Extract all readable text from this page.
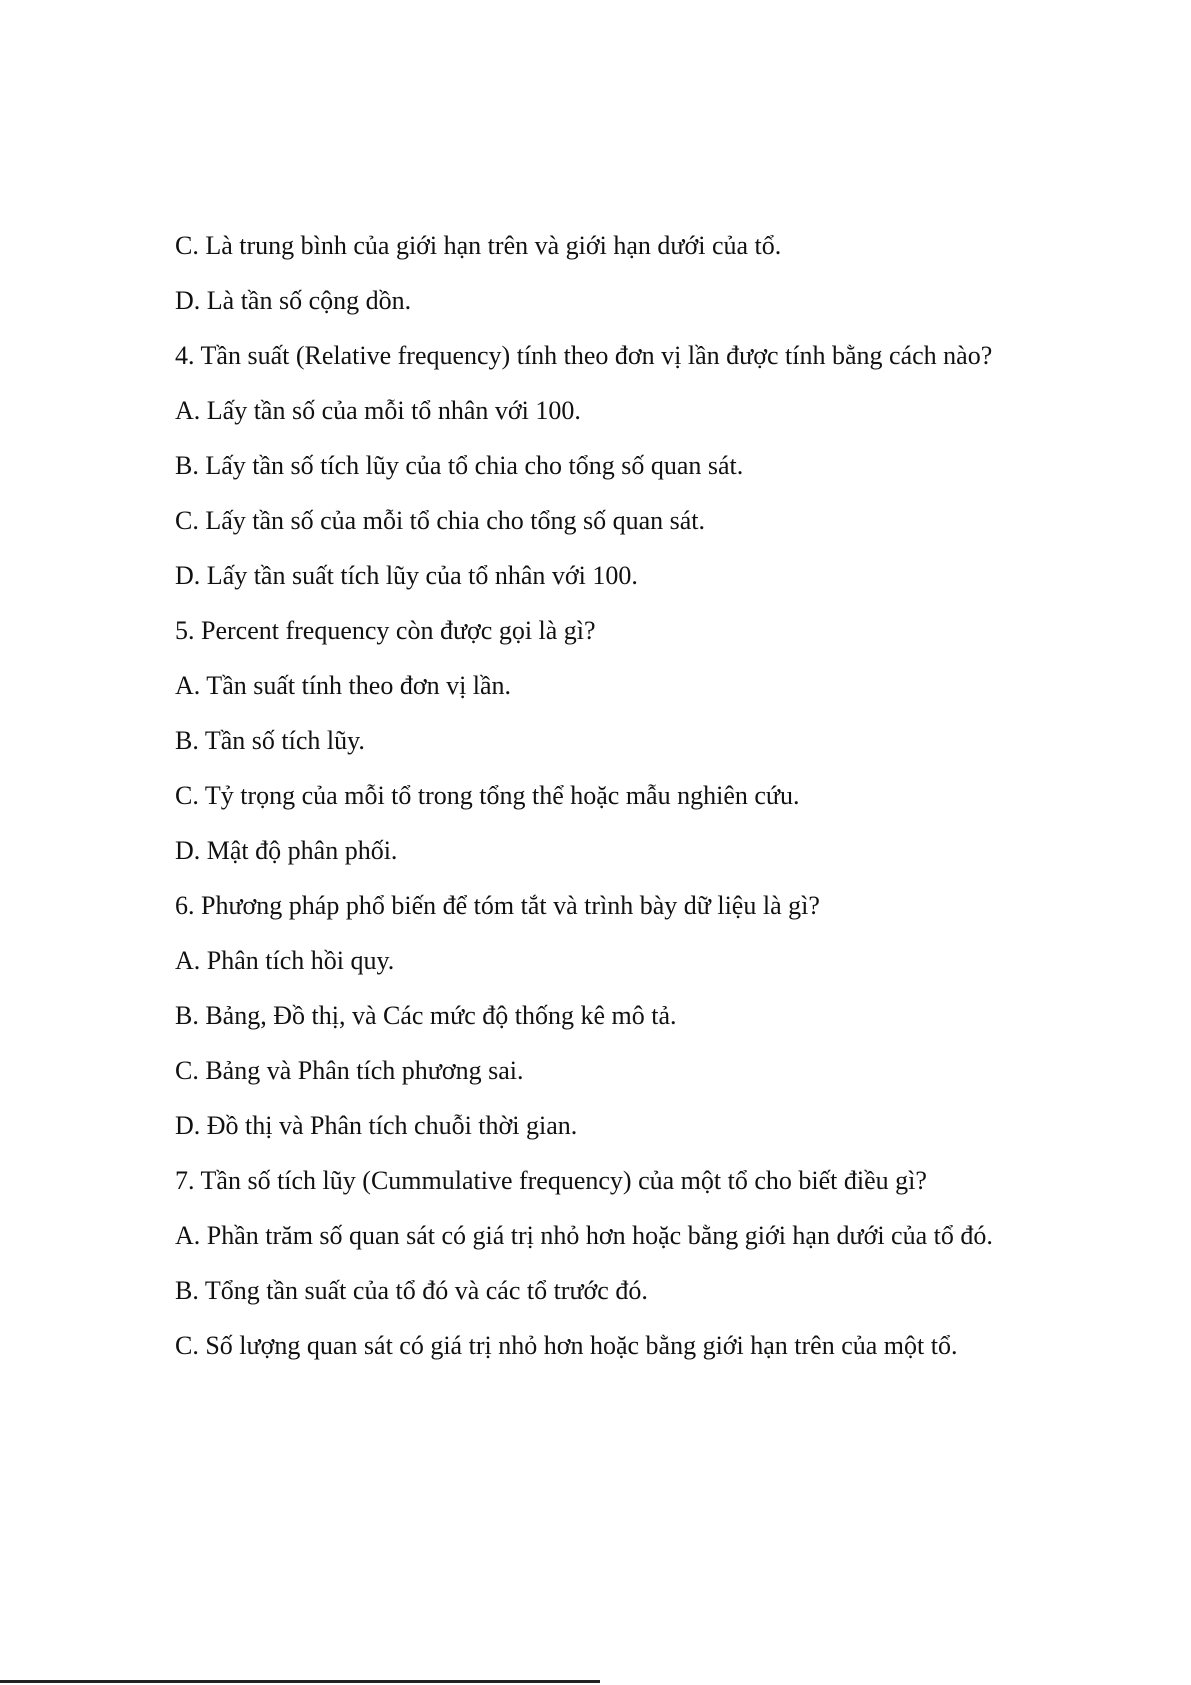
C. Là trung bình của giới hạn trên và giới hạn dưới của tổ.

D. Là tần số cộng dồn.

4. Tần suất (Relative frequency) tính theo đơn vị lần được tính bằng cách nào?

A. Lấy tần số của mỗi tổ nhân với 100.

B. Lấy tần số tích lũy của tổ chia cho tổng số quan sát.

C. Lấy tần số của mỗi tổ chia cho tổng số quan sát.

D. Lấy tần suất tích lũy của tổ nhân với 100.

5. Percent frequency còn được gọi là gì?

A. Tần suất tính theo đơn vị lần.

B. Tần số tích lũy.

C. Tỷ trọng của mỗi tổ trong tổng thể hoặc mẫu nghiên cứu.

D. Mật độ phân phối.

6. Phương pháp phổ biến để tóm tắt và trình bày dữ liệu là gì?

A. Phân tích hồi quy.

B. Bảng, Đồ thị, và Các mức độ thống kê mô tả.

C. Bảng và Phân tích phương sai.

D. Đồ thị và Phân tích chuỗi thời gian.

7. Tần số tích lũy (Cummulative frequency) của một tổ cho biết điều gì?

A. Phần trăm số quan sát có giá trị nhỏ hơn hoặc bằng giới hạn dưới của tổ đó.

B. Tổng tần suất của tổ đó và các tổ trước đó.

C. Số lượng quan sát có giá trị nhỏ hơn hoặc bằng giới hạn trên của một tổ.
